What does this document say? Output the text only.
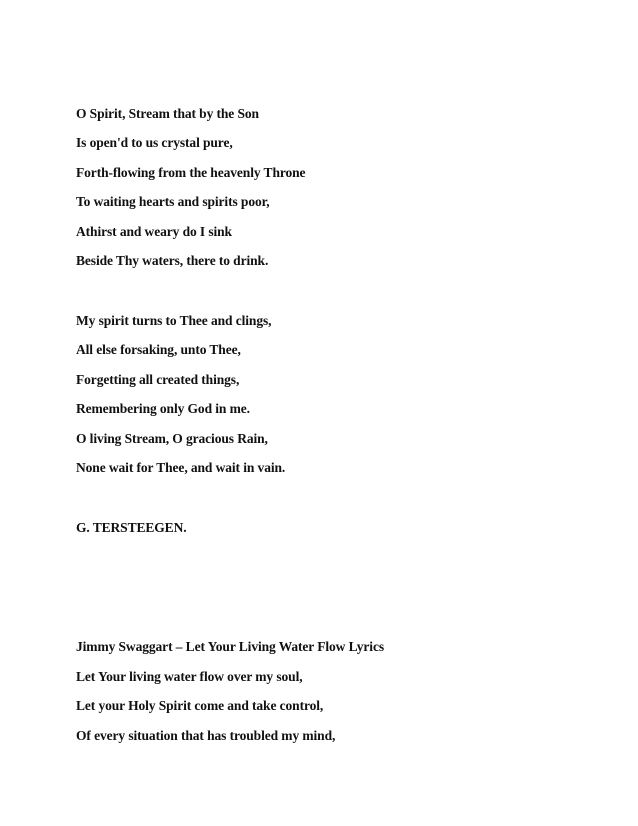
O Spirit, Stream that by the Son
Is open'd to us crystal pure,
Forth-flowing from the heavenly Throne
To waiting hearts and spirits poor,
Athirst and weary do I sink
Beside Thy waters, there to drink.
My spirit turns to Thee and clings,
All else forsaking, unto Thee,
Forgetting all created things,
Remembering only God in me.
O living Stream, O gracious Rain,
None wait for Thee, and wait in vain.
G. TERSTEEGEN.
Jimmy Swaggart – Let Your Living Water Flow Lyrics
Let Your living water flow over my soul,
Let your Holy Spirit come and take control,
Of every situation that has troubled my mind,
